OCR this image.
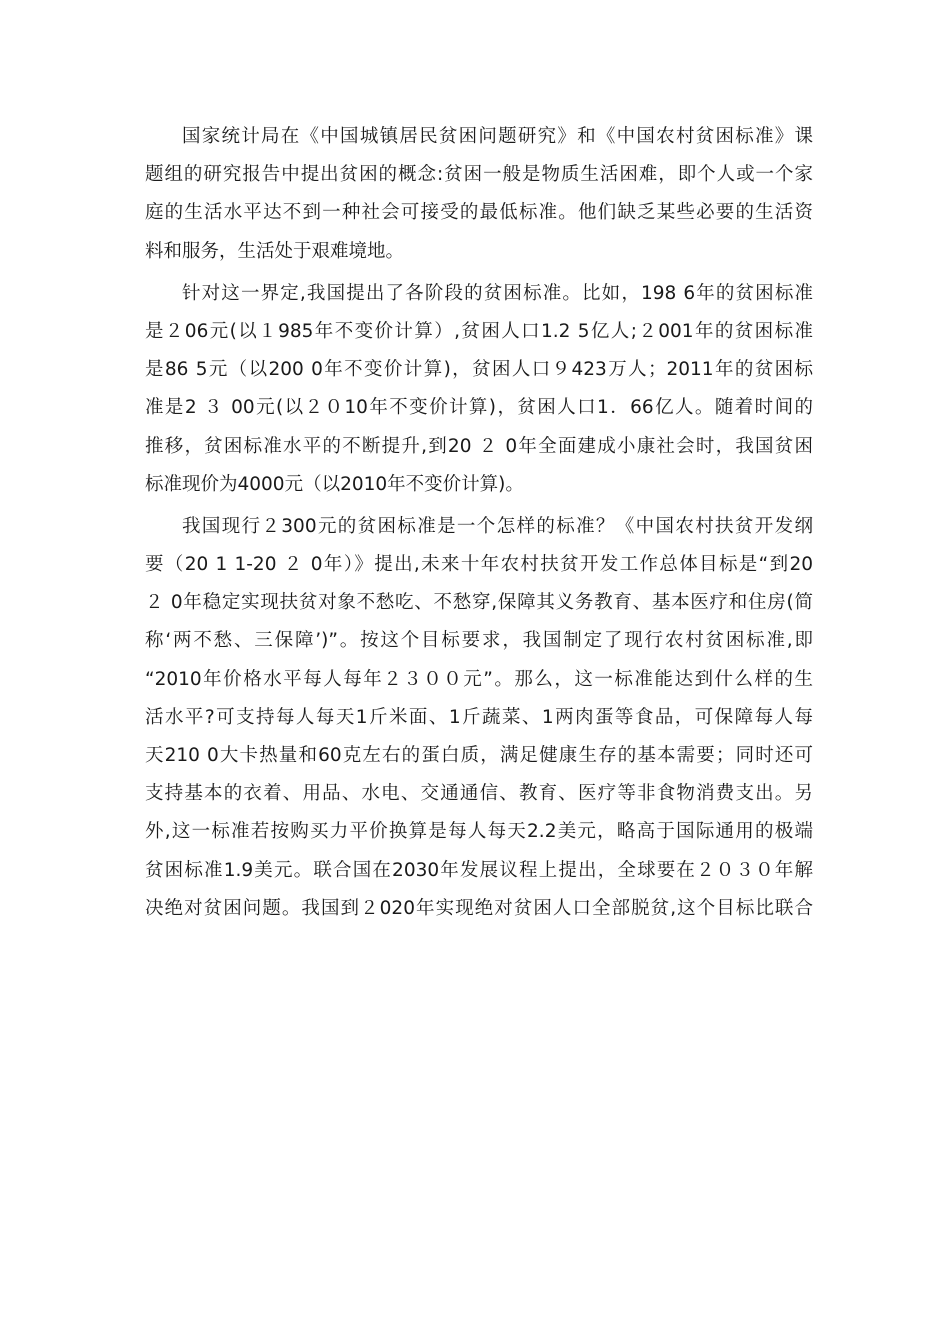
国家统计局在《中国城镇居民贫困问题研究》和《中国农村贫困标准》课
题组的研究报告中提出贫困的概念:贫困一般是物质生活困难，即个人或一个家
庭的生活水平达不到一种社会可接受的最低标准。他们缺乏某些必要的生活资
料和服务，生活处于艰难境地。
针对这一界定,我国提出了各阶段的贫困标准。比如，198 6年的贫困标准
是２06元(以１985年不变价计算）,贫困人口1.2 5亿人;２001年的贫困标准
是86 5元（以200 0年不变价计算)，贫困人口９423万人；2011年的贫困标
准是2 ３ 00元(以２０10年不变价计算)，贫困人口1．66亿人。随着时间的
推移，贫困标准水平的不断提升,到20 ２ 0年全面建成小康社会时，我国贫困
标准现价为4000元（以2010年不变价计算)。
我国现行２300元的贫困标准是一个怎样的标准？《中国农村扶贫开发纲
要（20 1 1-20 ２ 0年）》提出,未来十年农村扶贫开发工作总体目标是“到20
２ 0年稳定实现扶贫对象不愁吃、不愁穿,保障其义务教育、基本医疗和住房(简
称‘两不愁、三保障’)”。按这个目标要求，我国制定了现行农村贫困标准,即
“2010年价格水平每人每年２３００元”。那么，这一标准能达到什么样的生
活水平?可支持每人每天1斤米面、1斤蔬菜、1两肉蛋等食品，可保障每人每
天210 0大卡热量和60克左右的蛋白质，满足健康生存的基本需要；同时还可
支持基本的衣着、用品、水电、交通通信、教育、医疗等非食物消费支出。另
外,这一标准若按购买力平价换算是每人每天2.2美元，略高于国际通用的极端
贫困标准1.9美元。联合国在2030年发展议程上提出，全球要在２０３０年解
决绝对贫困问题。我国到２020年实现绝对贫困人口全部脱贫,这个目标比联合
